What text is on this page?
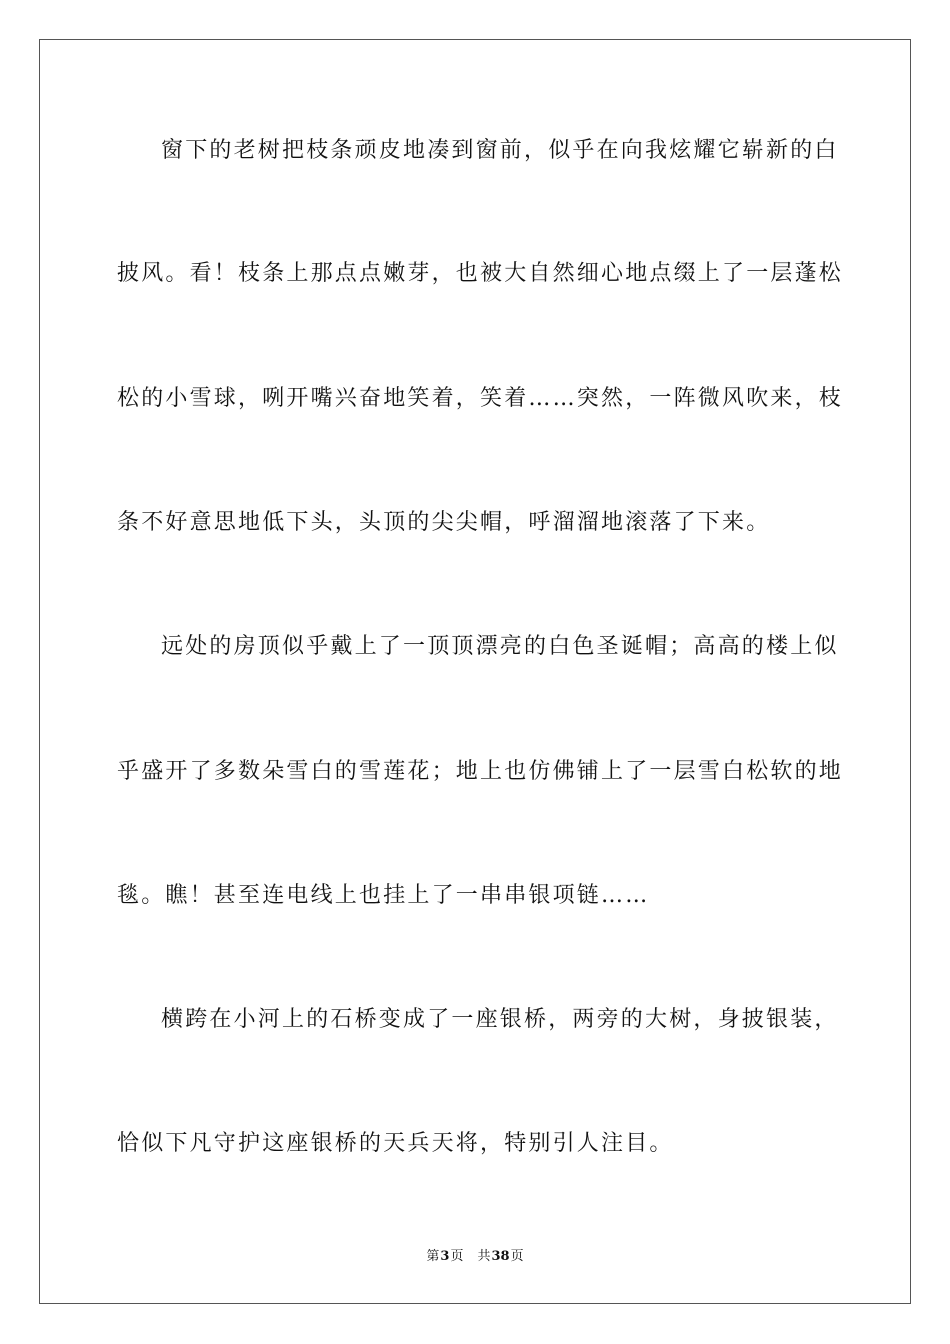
窗下的老树把枝条顽皮地凑到窗前，似乎在向我炫耀它崭新的白
披风。看！枝条上那点点嫩芽，也被大自然细心地点缀上了一层蓬松
松的小雪球，咧开嘴兴奋地笑着，笑着……突然，一阵微风吹来，枝
条不好意思地低下头，头顶的尖尖帽，呼溜溜地滚落了下来。
远处的房顶似乎戴上了一顶顶漂亮的白色圣诞帽；高高的楼上似
乎盛开了多数朵雪白的雪莲花；地上也仿佛铺上了一层雪白松软的地
毯。瞧！甚至连电线上也挂上了一串串银项链……
横跨在小河上的石桥变成了一座银桥，两旁的大树，身披银装，
恰似下凡守护这座银桥的天兵天将，特别引人注目。
第3页 共38页
